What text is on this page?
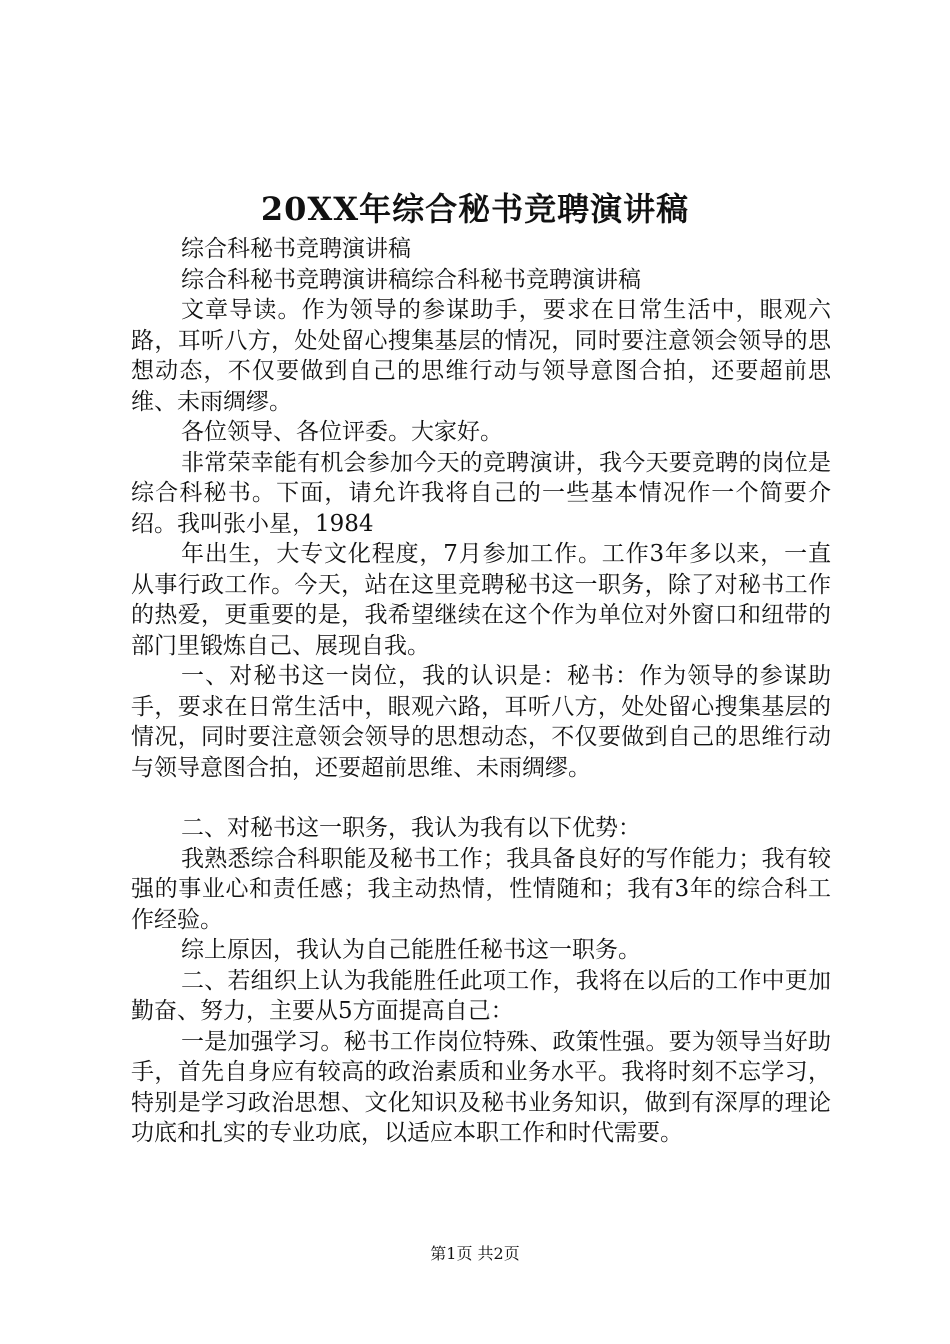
20XX年综合秘书竞聘演讲稿

综合科秘书竞聘演讲稿

综合科秘书竞聘演讲稿综合科秘书竞聘演讲稿

文章导读。作为领导的参谋助手，要求在日常生活中，眼观六路，耳听八方，处处留心搜集基层的情况，同时要注意领会领导的思想动态，不仅要做到自己的思维行动与领导意图合拍，还要超前思维、未雨绸缪。

各位领导、各位评委。大家好。

非常荣幸能有机会参加今天的竞聘演讲，我今天要竞聘的岗位是综合科秘书。下面，请允许我将自己的一些基本情况作一个简要介绍。我叫张小星，1984

年出生，大专文化程度，7月参加工作。工作3年多以来，一直从事行政工作。今天，站在这里竞聘秘书这一职务，除了对秘书工作的热爱，更重要的是，我希望继续在这个作为单位对外窗口和纽带的部门里锻炼自己、展现自我。

一、对秘书这一岗位，我的认识是：秘书：作为领导的参谋助手，要求在日常生活中，眼观六路，耳听八方，处处留心搜集基层的情况，同时要注意领会领导的思想动态，不仅要做到自己的思维行动与领导意图合拍，还要超前思维、未雨绸缪。

二、对秘书这一职务，我认为我有以下优势：

我熟悉综合科职能及秘书工作；我具备良好的写作能力；我有较强的事业心和责任感；我主动热情，性情随和；我有3年的综合科工作经验。

综上原因，我认为自己能胜任秘书这一职务。

二、若组织上认为我能胜任此项工作，我将在以后的工作中更加勤奋、努力，主要从5方面提高自己：

一是加强学习。秘书工作岗位特殊、政策性强。要为领导当好助手，首先自身应有较高的政治素质和业务水平。我将时刻不忘学习，特别是学习政治思想、文化知识及秘书业务知识，做到有深厚的理论功底和扎实的专业功底，以适应本职工作和时代需要。

第1页 共2页
